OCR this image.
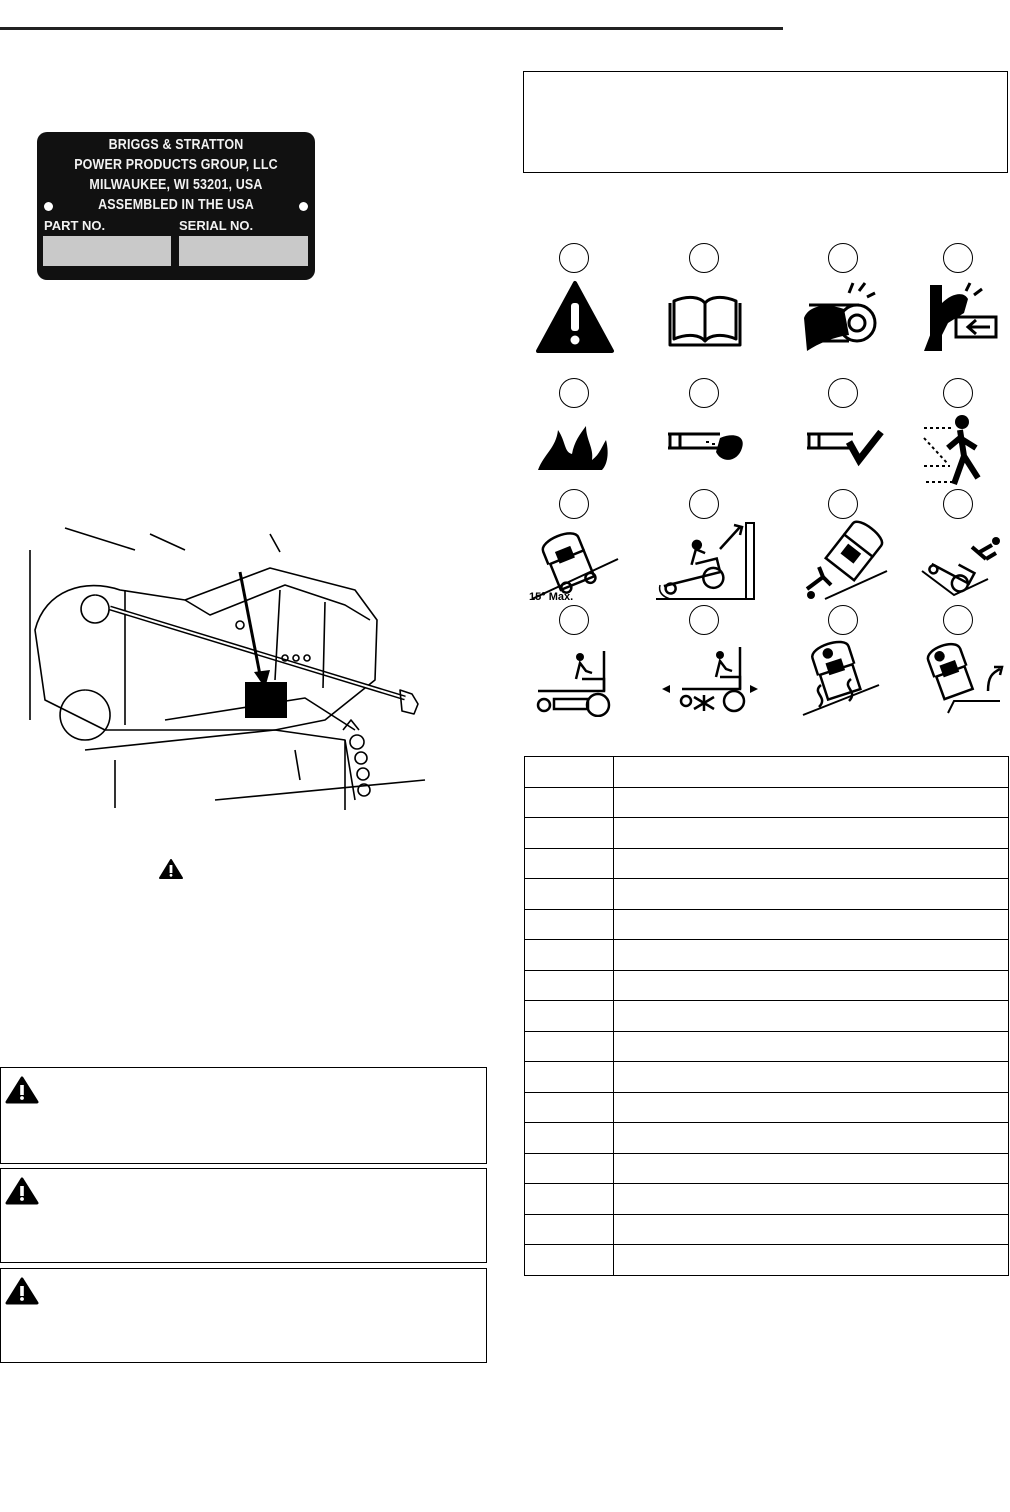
BRIGGS & STRATTON
POWER PRODUCTS GROUP, LLC
MILWAUKEE, WI 53201, USA
ASSEMBLED IN THE USA
PART NO.	SERIAL NO.
15° Max.
